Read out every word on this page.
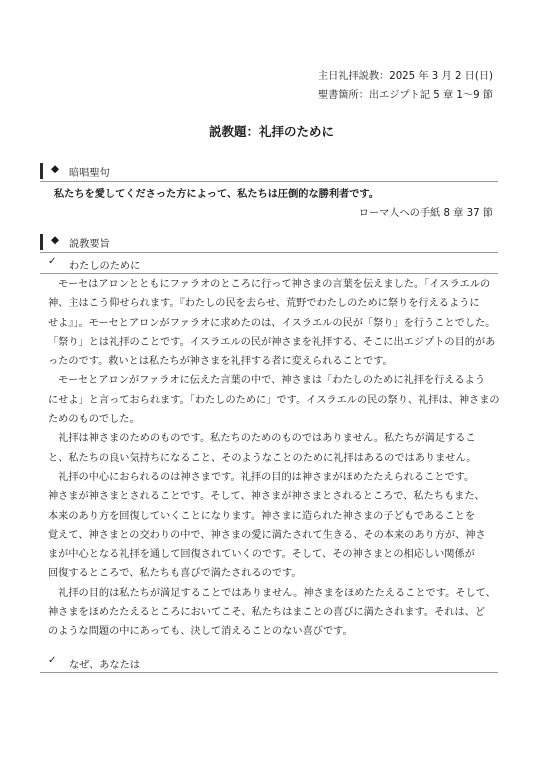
主日礼拝説教：2025 年 3 月 2 日(日)
聖書箇所：出エジプト記 5 章 1〜9 節
説教題：礼拝のために
◆ 暗唱聖句
私たちを愛してくださった方によって、私たちは圧倒的な勝利者です。
ローマ人への手紙 8 章 37 節
◆ 説教要旨
✓ わたしのために

　モーセはアロンとともにファラオのところに行って神さまの言葉を伝えました。「イスラエルの

神、主はこう仰せられます。『わたしの民を去らせ、荒野でわたしのために祭りを行えるように

せよ』」。モーセとアロンがファラオに求めたのは、イスラエルの民が「祭り」を行うことでした。

「祭り」とは礼拝のことです。イスラエルの民が神さまを礼拝する、そこに出エジプトの目的があ

ったのです。救いとは私たちが神さまを礼拝する者に変えられることです。

　モーセとアロンがファラオに伝えた言葉の中で、神さまは「わたしのために礼拝を行えるよう

にせよ」と言っておられます。「わたしのために」です。イスラエルの民の祭り、礼拝は、神さまの

ためのものでした。

　礼拝は神さまのためのものです。私たちのためのものではありません。私たちが満足するこ

と、私たちの良い気持ちになること、そのようなことのために礼拝はあるのではありません。

　礼拝の中心におられるのは神さまです。礼拝の目的は神さまがほめたたえられることです。

神さまが神さまとされることです。そして、神さまが神さまとされるところで、私たちもまた、

本来のあり方を回復していくことになります。神さまに造られた神さまの子どもであることを

覚えて、神さまとの交わりの中で、神さまの愛に満たされて生きる、その本来のあり方が、神さ

まが中心となる礼拝を通して回復されていくのです。そして、その神さまとの相応しい関係が

回復するところで、私たちも喜びで満たされるのです。

　礼拝の目的は私たちが満足することではありません。神さまをほめたたえることです。そして、

神さまをほめたたえるところにおいてこそ、私たちはまことの喜びに満たされます。それは、ど

のような問題の中にあっても、決して消えることのない喜びです。

✓ なぜ、あなたは
